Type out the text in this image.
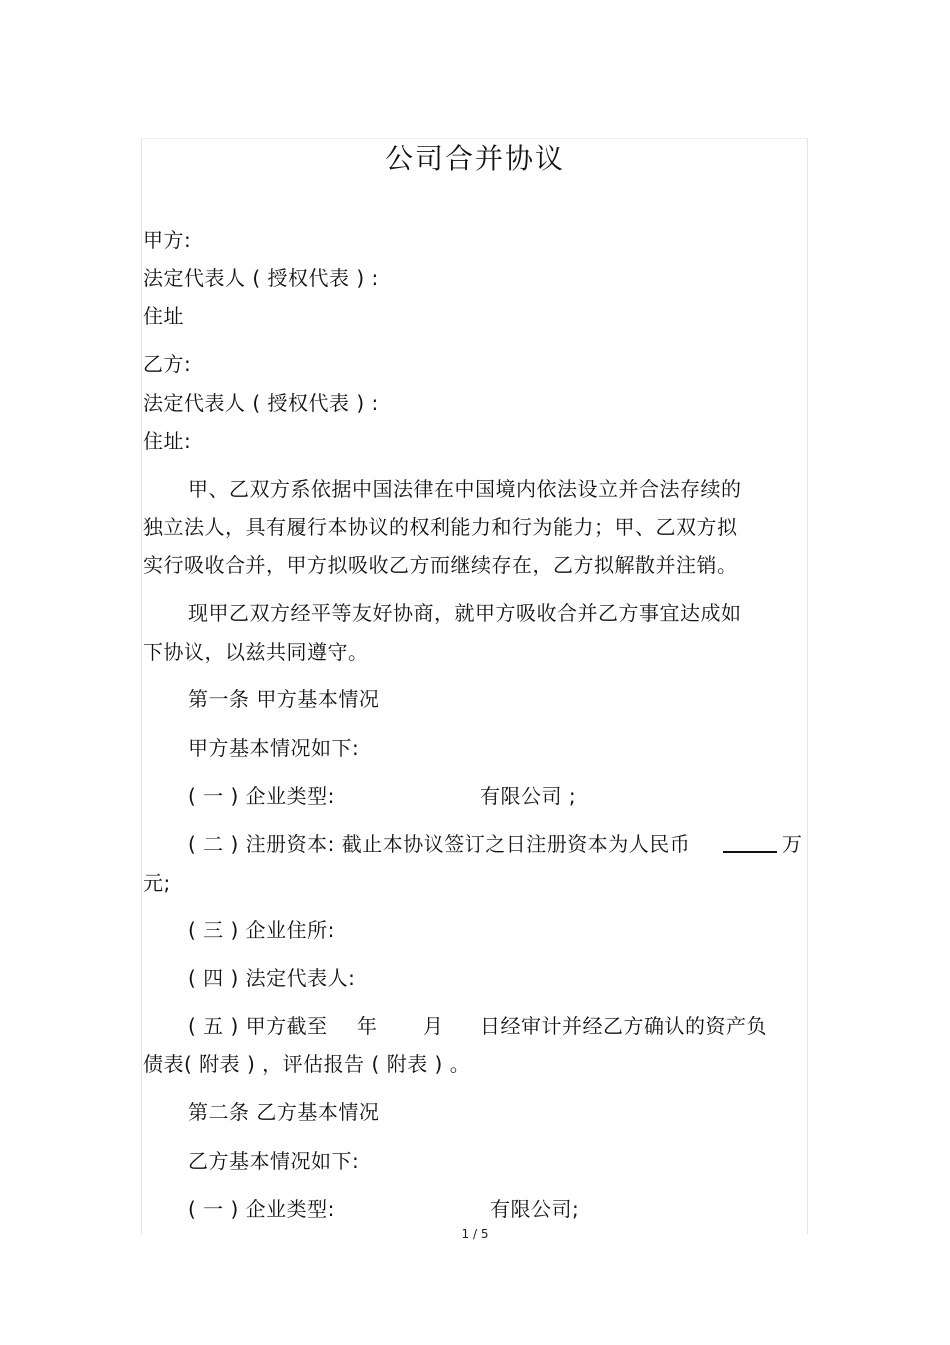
公司合并协议
甲方:
法定代表人 ( 授权代表 ) :
住址
乙方:
法定代表人 ( 授权代表 ) :
住址:
甲、乙双方系依据中国法律在中国境内依法设立并合法存续的
独立法人，具有履行本协议的权利能力和行为能力；甲、乙双方拟
实行吸收合并，甲方拟吸收乙方而继续存在，乙方拟解散并注销。
现甲乙双方经平等友好协商，就甲方吸收合并乙方事宜达成如
下协议，以兹共同遵守。
第一条 甲方基本情况
甲方基本情况如下:
( 一 ) 企业类型:	有限公司 ;
( 二 ) 注册资本: 截止本协议签订之日注册资本为人民币	万
元;
( 三 ) 企业住所:
( 四 ) 法定代表人:
( 五 ) 甲方截至 年 月 日经审计并经乙方确认的资产负
债表( 附表 ) ，评估报告 ( 附表 ) 。
第二条 乙方基本情况
乙方基本情况如下:
( 一 ) 企业类型:	有限公司;
1 / 5
